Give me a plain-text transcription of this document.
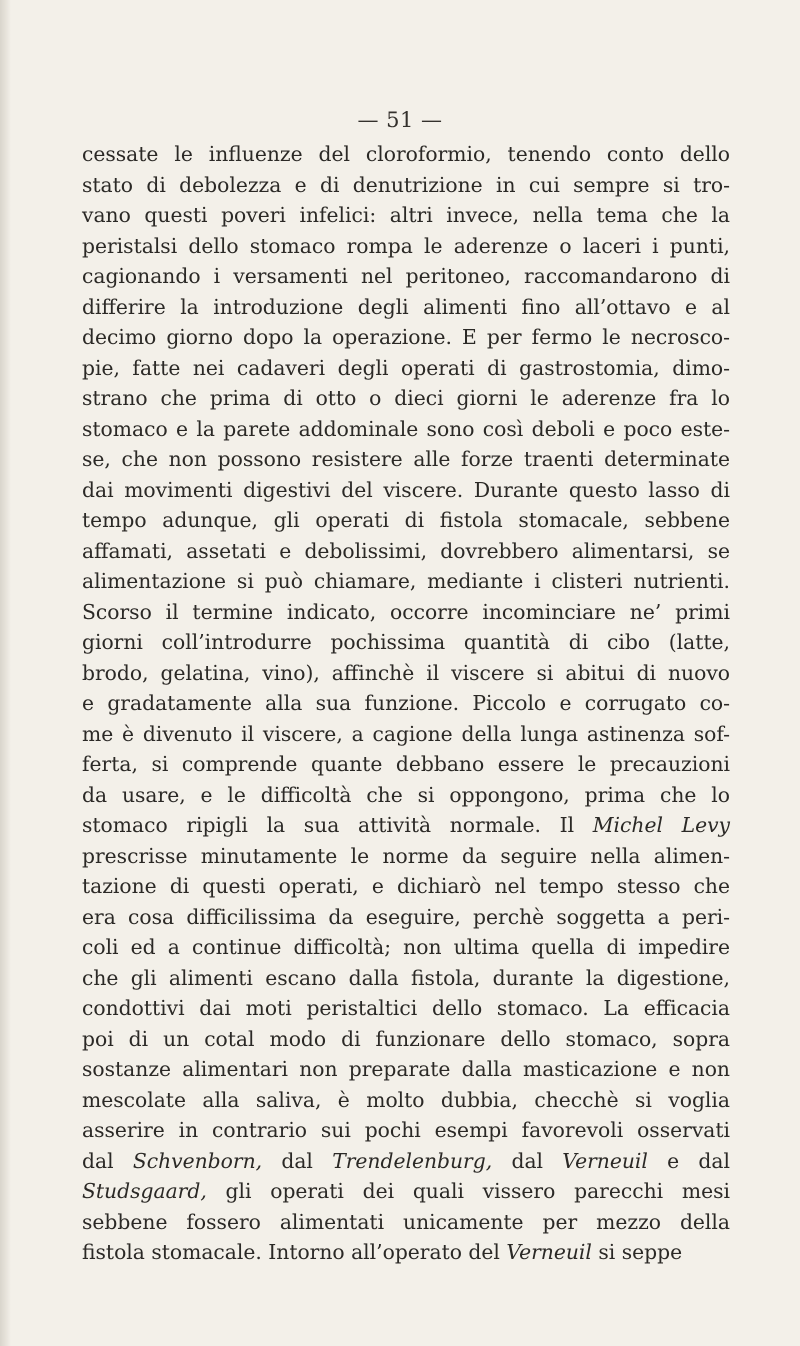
— 51 —
cessate le influenze del cloroformio, tenendo conto dello
stato di debolezza e di denutrizione in cui sempre si tro-
vano questi poveri infelici: altri invece, nella tema che la
peristalsi dello stomaco rompa le aderenze o laceri i punti,
cagionando i versamenti nel peritoneo, raccomandarono di
differire la introduzione degli alimenti fino all’ottavo e al
decimo giorno dopo la operazione. E per fermo le necrosco-
pie, fatte nei cadaveri degli operati di gastrostomia, dimo-
strano che prima di otto o dieci giorni le aderenze fra lo
stomaco e la parete addominale sono così deboli e poco este-
se, che non possono resistere alle forze traenti determinate
dai movimenti digestivi del viscere. Durante questo lasso di
tempo adunque, gli operati di fistola stomacale, sebbene
affamati, assetati e debolissimi, dovrebbero alimentarsi, se
alimentazione si può chiamare, mediante i clisteri nutrienti.
Scorso il termine indicato, occorre incominciare ne’ primi
giorni coll’introdurre pochissima quantità di cibo (latte,
brodo, gelatina, vino), affinchè il viscere si abitui di nuovo
e gradatamente alla sua funzione. Piccolo e corrugato co-
me è divenuto il viscere, a cagione della lunga astinenza sof-
ferta, si comprende quante debbano essere le precauzioni
da usare, e le difficoltà che si oppongono, prima che lo
stomaco ripigli la sua attività normale. Il Michel Levy
prescrisse minutamente le norme da seguire nella alimen-
tazione di questi operati, e dichiarò nel tempo stesso che
era cosa difficilissima da eseguire, perchè soggetta a peri-
coli ed a continue difficoltà; non ultima quella di impedire
che gli alimenti escano dalla fistola, durante la digestione,
condottivi dai moti peristaltici dello stomaco. La efficacia
poi di un cotal modo di funzionare dello stomaco, sopra
sostanze alimentari non preparate dalla masticazione e non
mescolate alla saliva, è molto dubbia, checchè si voglia
asserire in contrario sui pochi esempi favorevoli osservati
dal Schvenborn, dal Trendelenburg, dal Verneuil e dal
Studsgaard, gli operati dei quali vissero parecchi mesi
sebbene fossero alimentati unicamente per mezzo della
fistola stomacale. Intorno all’operato del Verneuil si seppe
